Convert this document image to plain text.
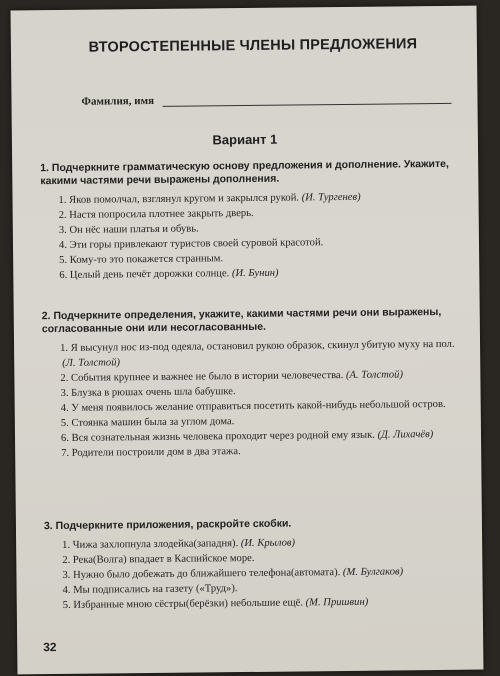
ВТОРОСТЕПЕННЫЕ ЧЛЕНЫ ПРЕДЛОЖЕНИЯ
Фамилия, имя
Вариант 1
1. Подчеркните грамматическую основу предложения и дополнение. Укажите, какими частями речи выражены дополнения.
1. Яков помолчал, взглянул кругом и закрылся рукой. (И. Тургенев)
2. Настя попросила плотнее закрыть дверь.
3. Он нёс наши платья и обувь.
4. Эти горы привлекают туристов своей суровой красотой.
5. Кому-то это покажется странным.
6. Целый день печёт дорожки солнце. (И. Бунин)
2. Подчеркните определения, укажите, какими частями речи они выражены, согласованные они или несогласованные.
1. Я высунул нос из-под одеяла, остановил рукою образок, скинул убитую муху на пол. (Л. Толстой)
2. События крупнее и важнее не было в истории человечества. (А. Толстой)
3. Блузка в рюшах очень шла бабушке.
4. У меня появилось желание отправиться посетить какой-нибудь небольшой остров.
5. Стоянка машин была за углом дома.
6. Вся сознательная жизнь человека проходит через родной ему язык. (Д. Лихачёв)
7. Родители построили дом в два этажа.
3. Подчеркните приложения, раскройте скобки.
1. Чижа захлопнула злодейка(западня). (И. Крылов)
2. Река(Волга) впадает в Каспийское море.
3. Нужно было добежать до ближайшего телефона(автомата). (М. Булгаков)
4. Мы подписались на газету («Труд»).
5. Избранные мною сёстры(берёзки) небольшие ещё. (М. Пришвин)
32
